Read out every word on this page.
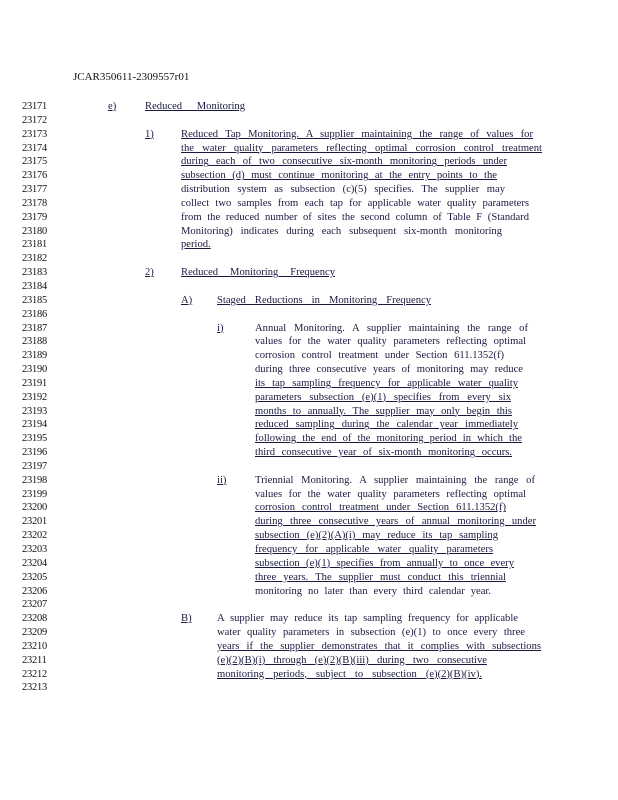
JCAR350611-2309557r01
23171	e)	Reduced Monitoring
23172
23173	1)	Reduced Tap Monitoring. A supplier maintaining the range of values for
23174	the water quality parameters reflecting optimal corrosion control treatment
23175	during each of two consecutive six-month monitoring periods under
23176	subsection (d) must continue monitoring at the entry points to the
23177	distribution system as subsection (c)(5) specifies. The supplier may
23178	collect two samples from each tap for applicable water quality parameters
23179	from the reduced number of sites the second column of Table F (Standard
23180	Monitoring) indicates during each subsequent six-month monitoring
23181	period.
23182
23183	2)	Reduced Monitoring Frequency
23184
23185	A) Staged Reductions in Monitoring Frequency
23186
23187	i)	Annual Monitoring. A supplier maintaining the range of
23188	values for the water quality parameters reflecting optimal
23189	corrosion control treatment under Section 611.1352(f)
23190	during three consecutive years of monitoring may reduce
23191	its tap sampling frequency for applicable water quality
23192	parameters subsection (e)(1) specifies from every six
23193	months to annually. The supplier may only begin this
23194	reduced sampling during the calendar year immediately
23195	following the end of the monitoring period in which the
23196	third consecutive year of six-month monitoring occurs.
23197
23198	ii)	Triennial Monitoring. A supplier maintaining the range of
23199	values for the water quality parameters reflecting optimal
23200	corrosion control treatment under Section 611.1352(f)
23201	during three consecutive years of annual monitoring under
23202	subsection (e)(2)(A)(i) may reduce its tap sampling
23203	frequency for applicable water quality parameters
23204	subsection (e)(1) specifies from annually to once every
23205	three years. The supplier must conduct this triennial
23206	monitoring no later than every third calendar year.
23207
23208	B) A supplier may reduce its tap sampling frequency for applicable
23209	water quality parameters in subsection (e)(1) to once every three
23210	years if the supplier demonstrates that it complies with subsections
23211	(e)(2)(B)(i) through (e)(2)(B)(iii) during two consecutive
23212	monitoring periods, subject to subsection (e)(2)(B)(iv).
23213
